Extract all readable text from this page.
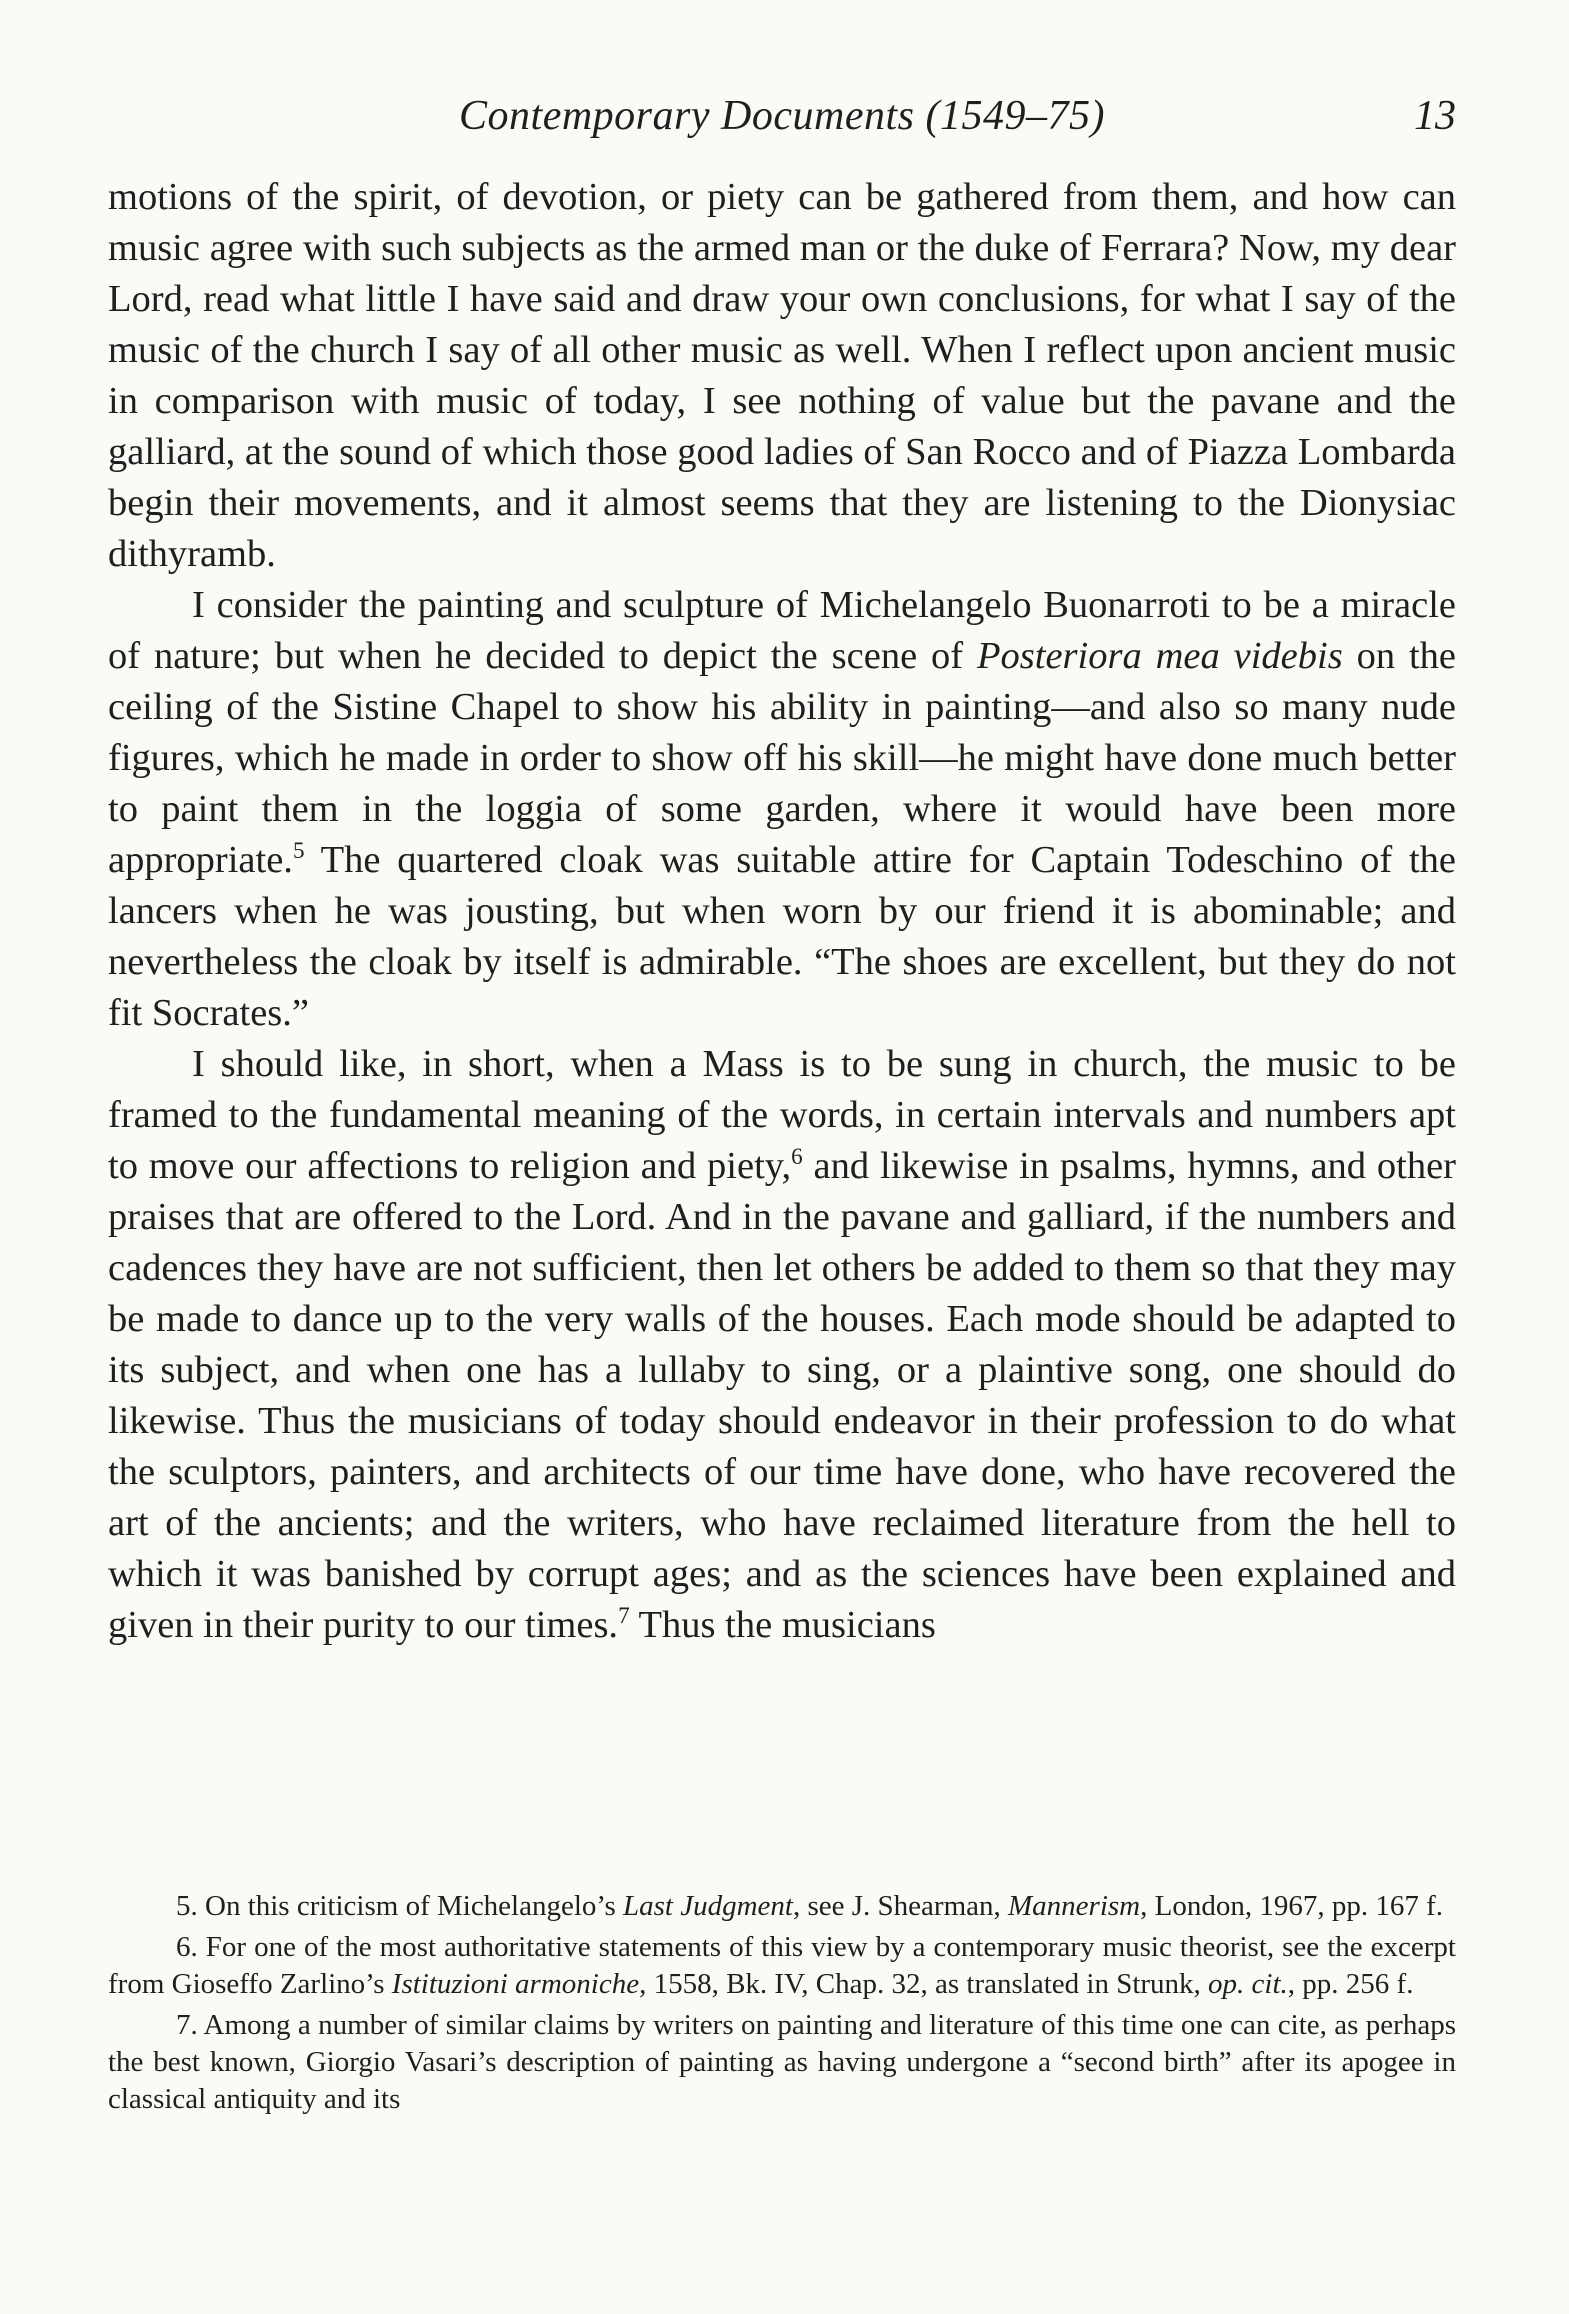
Contemporary Documents (1549–75)	13

motions of the spirit, of devotion, or piety can be gathered from them, and how can music agree with such subjects as the armed man or the duke of Ferrara? Now, my dear Lord, read what little I have said and draw your own conclusions, for what I say of the music of the church I say of all other music as well. When I reflect upon ancient music in comparison with music of today, I see nothing of value but the pavane and the galliard, at the sound of which those good ladies of San Rocco and of Piazza Lombarda begin their movements, and it almost seems that they are listening to the Dionysiac dithyramb.

I consider the painting and sculpture of Michelangelo Buonarroti to be a miracle of nature; but when he decided to depict the scene of Posteriora mea videbis on the ceiling of the Sistine Chapel to show his ability in painting—and also so many nude figures, which he made in order to show off his skill—he might have done much better to paint them in the loggia of some garden, where it would have been more appropriate.$^5$ The quartered cloak was suitable attire for Captain Todeschino of the lancers when he was jousting, but when worn by our friend it is abominable; and nevertheless the cloak by itself is admirable. “The shoes are excellent, but they do not fit Socrates.”

I should like, in short, when a Mass is to be sung in church, the music to be framed to the fundamental meaning of the words, in certain intervals and numbers apt to move our affections to religion and piety,$^6$ and likewise in psalms, hymns, and other praises that are offered to the Lord. And in the pavane and galliard, if the numbers and cadences they have are not sufficient, then let others be added to them so that they may be made to dance up to the very walls of the houses. Each mode should be adapted to its subject, and when one has a lullaby to sing, or a plaintive song, one should do likewise. Thus the musicians of today should endeavor in their profession to do what the sculptors, painters, and architects of our time have done, who have recovered the art of the ancients; and the writers, who have reclaimed literature from the hell to which it was banished by corrupt ages; and as the sciences have been explained and given in their purity to our times.$^7$ Thus the musicians

5. On this criticism of Michelangelo’s Last Judgment, see J. Shearman, Mannerism, London, 1967, pp. 167 f.

6. For one of the most authoritative statements of this view by a contemporary music theorist, see the excerpt from Gioseffo Zarlino’s Istituzioni armoniche, 1558, Bk. IV, Chap. 32, as translated in Strunk, op. cit., pp. 256 f.

7. Among a number of similar claims by writers on painting and literature of this time one can cite, as perhaps the best known, Giorgio Vasari’s description of painting as having undergone a “second birth” after its apogee in classical antiquity and its
